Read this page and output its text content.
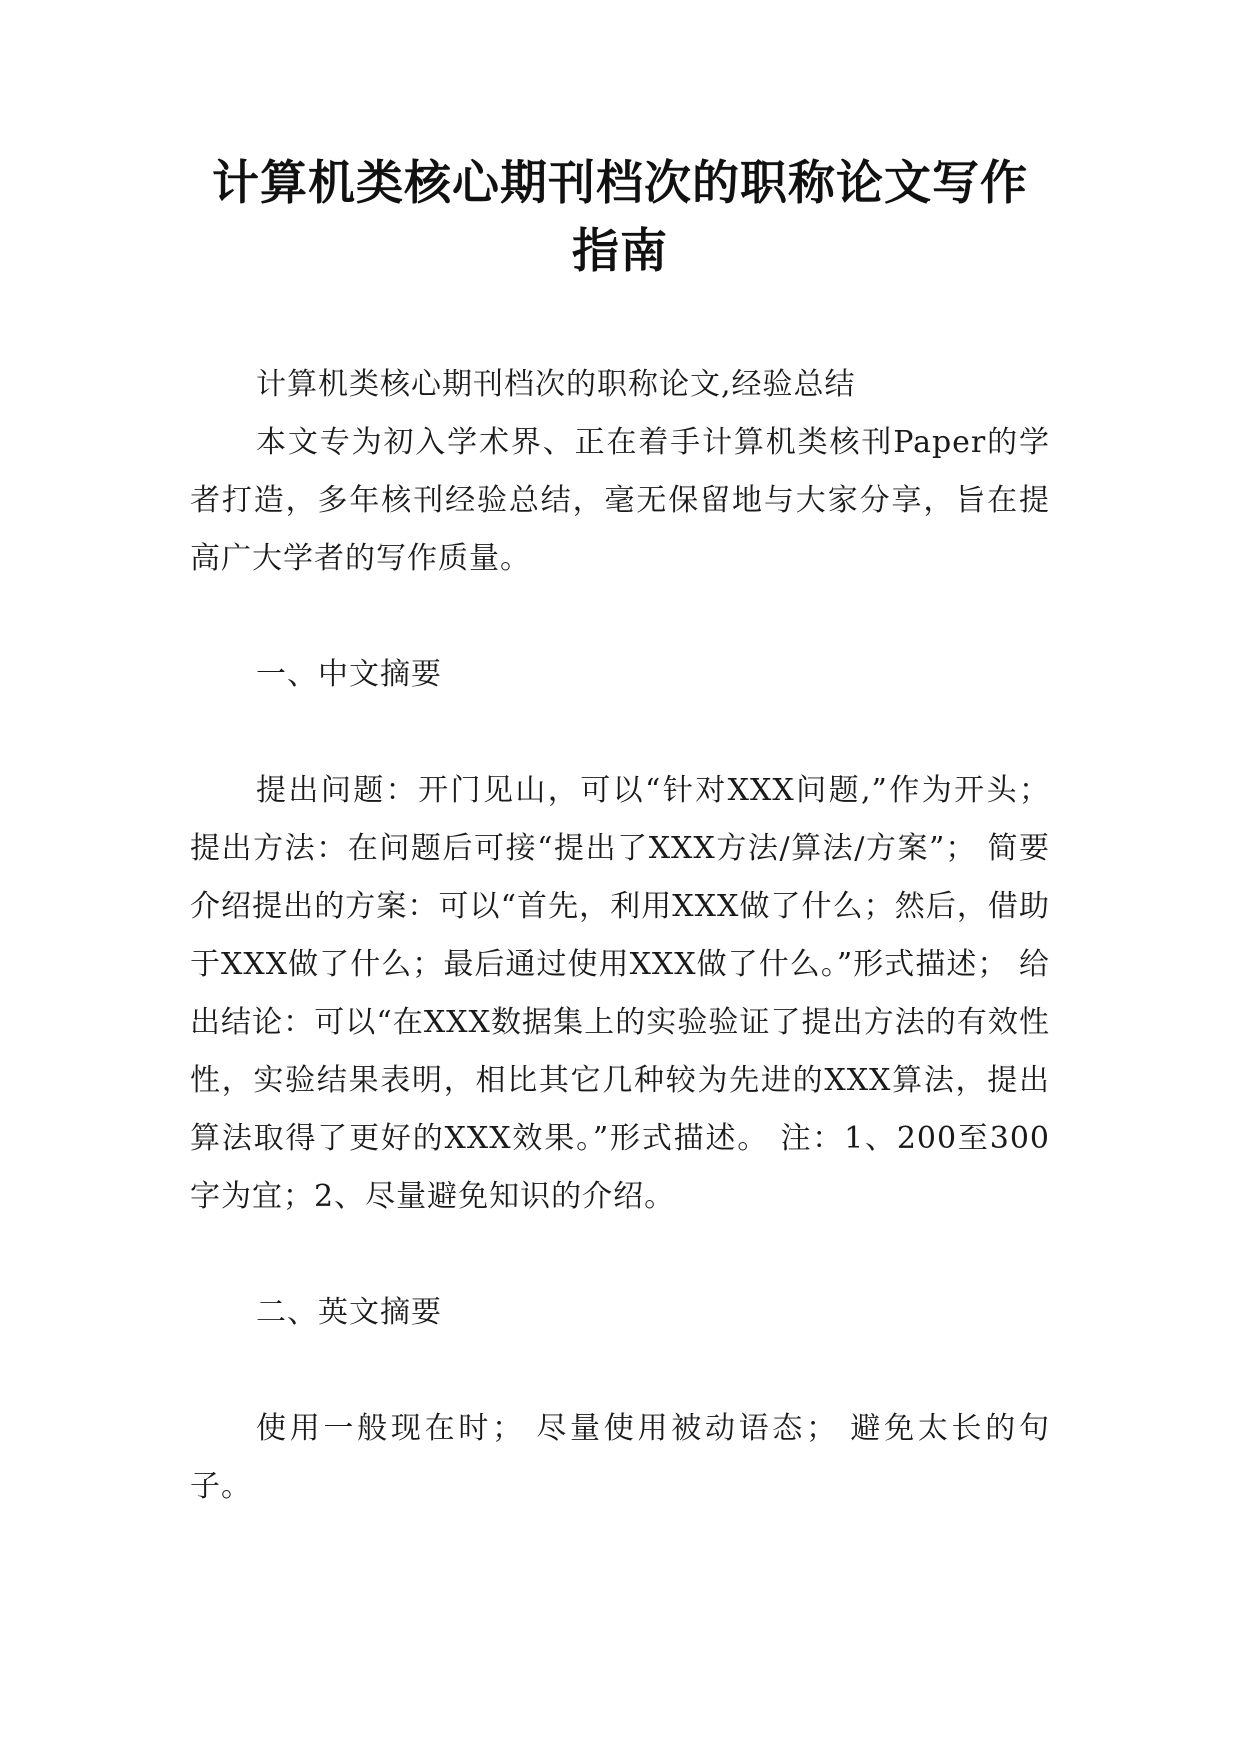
计算机类核心期刊档次的职称论文写作指南

计算机类核心期刊档次的职称论文,经验总结

本文专为初入学术界、正在着手计算机类核刊Paper的学者打造，多年核刊经验总结，毫无保留地与大家分享，旨在提高广大学者的写作质量。

一、中文摘要

提出问题：开门见山，可以“针对XXX问题,”作为开头； 提出方法：在问题后可接“提出了XXX方法/算法/方案”； 简要介绍提出的方案：可以“首先，利用XXX做了什么；然后，借助于XXX做了什么；最后通过使用XXX做了什么。”形式描述； 给出结论：可以“在XXX数据集上的实验验证了提出方法的有效性性，实验结果表明，相比其它几种较为先进的XXX算法，提出算法取得了更好的XXX效果。”形式描述。 注：1、200至300字为宜；2、尽量避免知识的介绍。

二、英文摘要

使用一般现在时； 尽量使用被动语态； 避免太长的句子。
